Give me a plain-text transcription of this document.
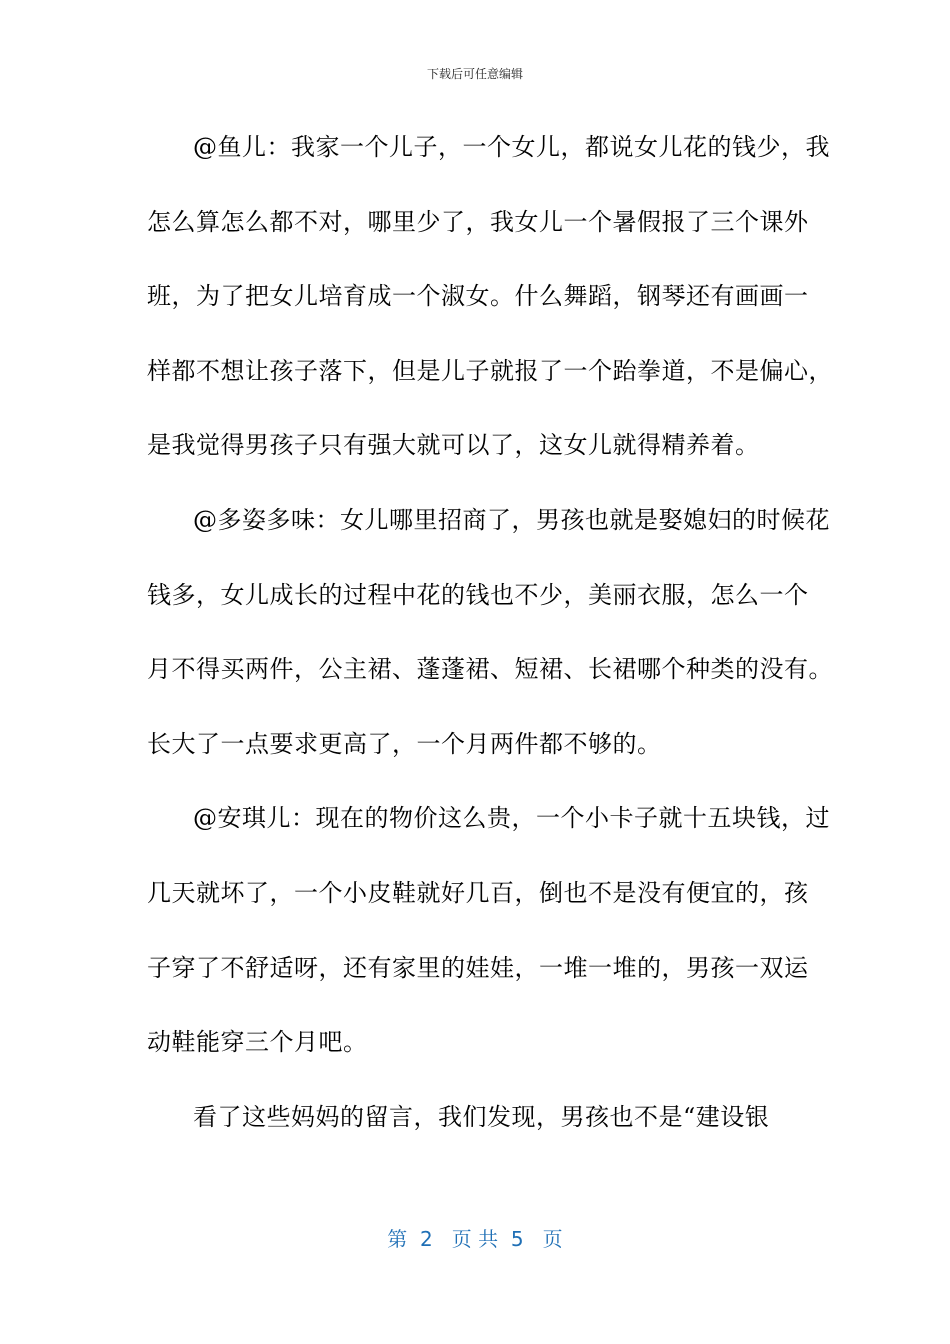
下载后可任意编辑
@鱼儿：我家一个儿子，一个女儿，都说女儿花的钱少，我
怎么算怎么都不对，哪里少了，我女儿一个暑假报了三个课外
班，为了把女儿培育成一个淑女。什么舞蹈，钢琴还有画画一
样都不想让孩子落下，但是儿子就报了一个跆拳道，不是偏心，
是我觉得男孩子只有强大就可以了，这女儿就得精养着。
@多姿多味：女儿哪里招商了，男孩也就是娶媳妇的时候花
钱多，女儿成长的过程中花的钱也不少，美丽衣服，怎么一个
月不得买两件，公主裙、蓬蓬裙、短裙、长裙哪个种类的没有。
长大了一点要求更高了，一个月两件都不够的。
@安琪儿：现在的物价这么贵，一个小卡子就十五块钱，过
几天就坏了，一个小皮鞋就好几百，倒也不是没有便宜的，孩
子穿了不舒适呀，还有家里的娃娃，一堆一堆的，男孩一双运
动鞋能穿三个月吧。
看了这些妈妈的留言，我们发现，男孩也不是“建设银
第  2   页 共  5   页
